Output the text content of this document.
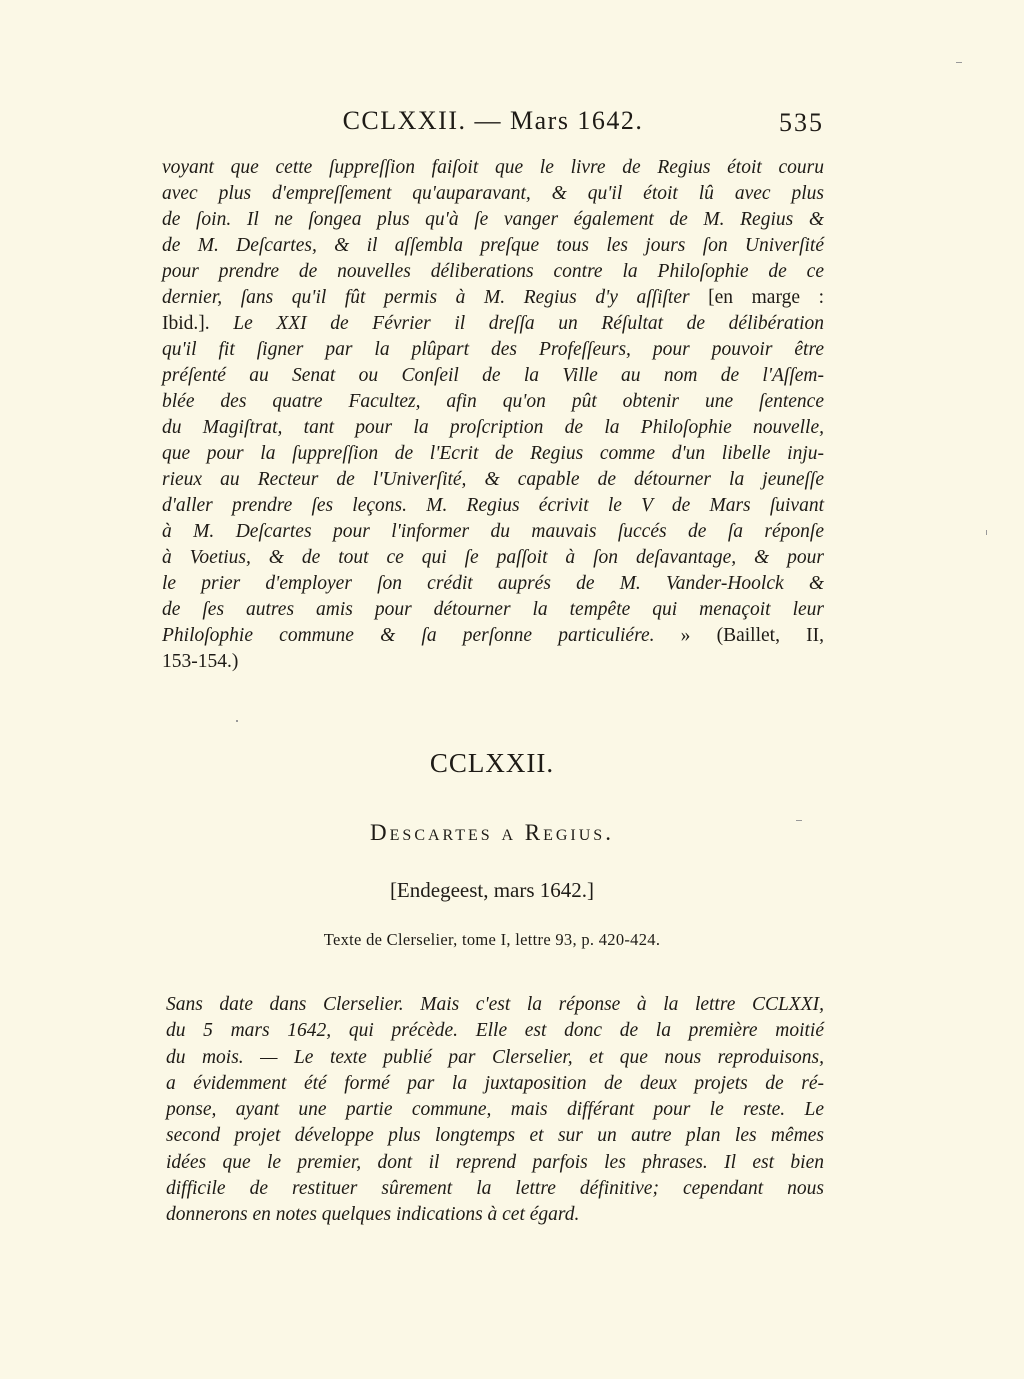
CCLXXII. — Mars 1642.	535
voyant que cette ſuppreſſion faiſoit que le livre de Regius étoit couru
avec plus d'empreſſement qu'auparavant, & qu'il étoit lû avec plus
de ſoin. Il ne ſongea plus qu'à ſe vanger également de M. Regius &
de M. Deſcartes, & il aſſembla preſque tous les jours ſon Univerſité
pour prendre de nouvelles déliberations contre la Philoſophie de ce
dernier, ſans qu'il fût permis à M. Regius d'y aſſiſter [en marge :
Ibid.]. Le XXI de Février il dreſſa un Réſultat de délibération
qu'il fit ſigner par la plûpart des Profeſſeurs, pour pouvoir être
préſenté au Senat ou Conſeil de la Ville au nom de l'Aſſem-
blée des quatre Facultez, afin qu'on pût obtenir une ſentence
du Magiſtrat, tant pour la proſcription de la Philoſophie nouvelle,
que pour la ſuppreſſion de l'Ecrit de Regius comme d'un libelle inju-
rieux au Recteur de l'Univerſité, & capable de détourner la jeuneſſe
d'aller prendre ſes leçons. M. Regius écrivit le V de Mars ſuivant
à M. Deſcartes pour l'informer du mauvais ſuccés de ſa réponſe
à Voetius, & de tout ce qui ſe paſſoit à ſon deſavantage, & pour
le prier d'employer ſon crédit auprés de M. Vander-Hoolck &
de ſes autres amis pour détourner la tempête qui menaçoit leur
Philoſophie commune & ſa perſonne particuliére. » (Baillet, II,
153-154.)
CCLXXII.
Descartes a Regius.
[Endegeest, mars 1642.]
Texte de Clerselier, tome I, lettre 93, p. 420-424.
Sans date dans Clerselier. Mais c'est la réponse à la lettre CCLXXI,
du 5 mars 1642, qui précède. Elle est donc de la première moitié
du mois. — Le texte publié par Clerselier, et que nous reproduisons,
a évidemment été formé par la juxtaposition de deux projets de ré-
ponse, ayant une partie commune, mais différant pour le reste. Le
second projet développe plus longtemps et sur un autre plan les mêmes
idées que le premier, dont il reprend parfois les phrases. Il est bien
difficile de restituer sûrement la lettre définitive; cependant nous
donnerons en notes quelques indications à cet égard.
